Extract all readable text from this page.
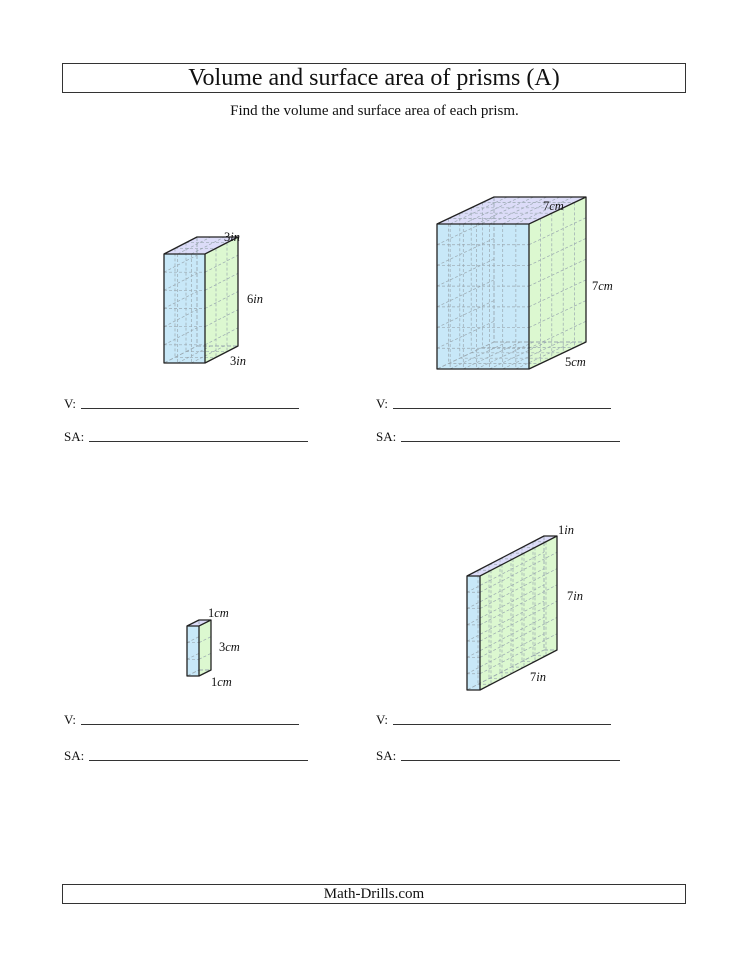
Volume and surface area of prisms (A)
Find the volume and surface area of each prism.
3in
6in
3in
7cm
7cm
5cm
1cm
3cm
1cm
1in
7in
7in
V:
SA:
V:
SA:
V:
SA:
V:
SA:
Math-Drills.com
